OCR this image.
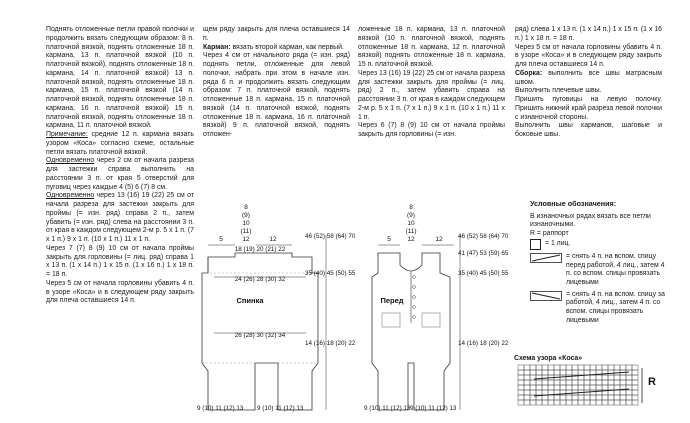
Поднять отложенные петли правой полочки и продолжить вязать следующим образом: 8 п. платочной вязкой, поднять отложенные 18 п. кармана, 13 п. платочной вязкой (10 п. платочной вязкой), поднять отложенные 18 п. кармана, 14 п. платочной вязкой) 13 п. платочной вязкой, поднять отложенные 18 п. кармана, 15 п. платочной вязкой (14 п. платочной вязкой, поднять отложенные 18 п. кармана, 16 п. платочной вязкой) 15 п. платочной вязкой, поднять отложенные 18 п. кармана, 11 п. платочной вязкой.

Примечание: средние 12 п. кармана вязать узором «Коса» согласно схеме, остальные петли вязать платочной вязкой.

Одновременно через 2 см от начала разреза для застежки справа выполнить на расстоянии 3 п. от края 5 отверстий для пуговиц через каждые 4 (5) 6 (7) 8 см.

Одновременно через 13 (16) 19 (22) 25 см от начала разреза для застежки закрыть для проймы (= изн. ряд) справа 2 п., затем убавить (= изн. ряд) слева на расстоянии 3 п. от края в каждом следующем 2-м р. 5 х 1 п. (7 х 1 п.) 9 х 1 п. (10 х 1 п.) 11 х 1 п.

Через 7 (7) 8 (9) 10 см от начала проймы закрыть для горловины (= лиц. ряд) справа 1 х 13 п. (1 х 14 п.) 1 х 15 п. (1 х 16 п.) 1 х 18 п. = 18 п.

Через 5 см от начала горловины убавить 4 п. в узоре «Коса» и в следующем ряду закрыть для плеча оставшиеся 14 п.

щем ряду закрыть для плеча оставшиеся 14 п.

Карман: вязать второй карман, как первый.

Через 4 см от начального ряда (= изн. ряд) поднять петли, отложенные для левой полочки, набрать при этом в начале изн. ряда 6 п. и продолжить вязать следующим образом: 7 п. платочной вязкой, поднять отложенные 18 п. кармана, 15 п. платочной вязкой (14 п. платочной вязкой, поднять отложенные 18 п. кармана, 16 п. платочной вязкой) 9 п. платочной вязкой, поднять отложен-

ложенные 18 п. кармана, 13 п. платочной вязкой (10 п. платочной вязкой, поднять отложенные 18 п. кармана, 12 п. платочной вязкой) поднять отложенные 18 п. кармана, 15 п. платочной вязкой.

Через 13 (16) 19 (22) 25 см от начала разреза для застежки закрыть для проймы (= лиц. ряд) 2 п., затем убавить справа на расстоянии 3 п. от края в каждом следующем 2-м р. 5 х 1 п. (7 х 1 п.) 9 х 1 п. (10 х 1 п.) 11 х 1 п.

Через 6 (7) 8 (9) 10 см от начала проймы закрыть для горловины (= изн.

ряд) слева 1 х 13 п. (1 х 14 п.) 1 х 15 п. (1 х 16 п.) 1 х 18 п. = 18 п.

Через 5 см от начала горловины убавить 4 п. в узоре «Коса» и в следующем ряду закрыть для плеча оставшиеся 14 п.

Сборка: выполнить все швы матрасным швом.

Выполнить плечевые швы.

Пришить пуговицы на левую полочку. Пришить нижний край разреза левой полочки с изнаночной стороны.

Выполнить швы карманов, шаговые и боковые швы.

Условные обозначения:

В изнаночных рядах вязать все петли изнаночными.

R = раппорт

= 1 лиц.

= снять 4 п. на вспом. спицу перед работой, 4 лиц., затем 4 п. со вспом. спицы провязать лицевыми

= снять 4 п. на вспом. спицу за работой, 4 лиц., затем 4 п. со вспом. спицы провязать лицевыми

Схема узора «Коса»
R
8
(9)
10
(11)
12
5	12
18 (19) 20 (21) 22
24 (26) 28 (30) 32
Спинка
26 (28) 30 (32) 34
46 (52) 58 (64) 70
35 (40) 45 (50) 55
14 (16) 18 (20) 22
9 (10) 11 (12) 13 9 (10) 11 (12) 13
8
(9)
10
(11)
12
5	12
Перед
46 (52) 58 (64) 70
41 (47) 53 (59) 65
35 (40) 45 (50) 55
14 (16) 18 (20) 22
9 (10) 11 (12) 13 9 (10) 11 (12) 13
